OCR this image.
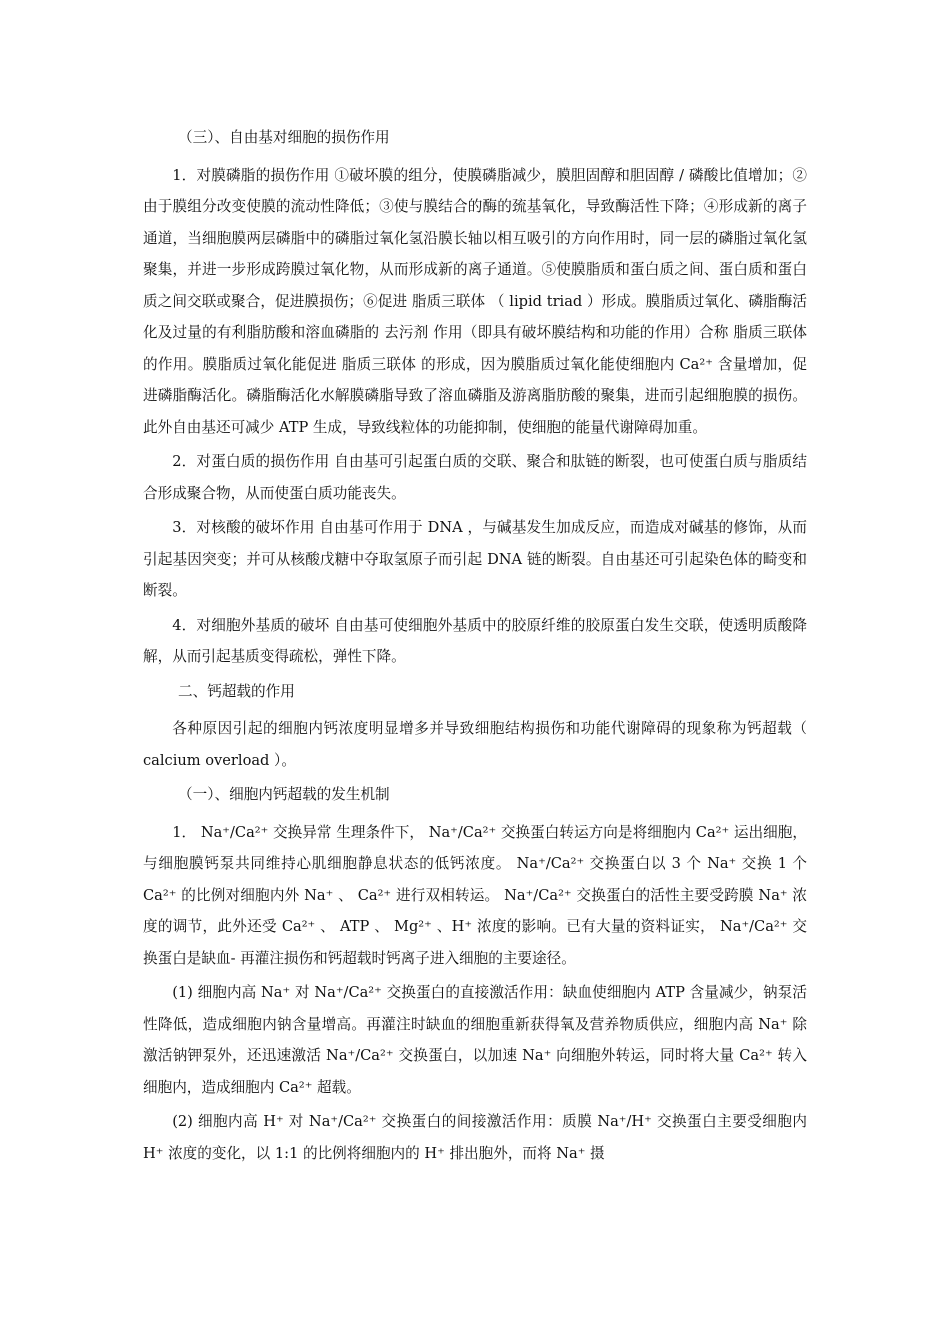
（三）、自由基对细胞的损伤作用

1．对膜磷脂的损伤作用 ①破坏膜的组分，使膜磷脂减少，膜胆固醇和胆固醇 / 磷酸比值增加；②由于膜组分改变使膜的流动性降低；③使与膜结合的酶的巯基氧化，导致酶活性下降；④形成新的离子通道，当细胞膜两层磷脂中的磷脂过氧化氢沿膜长轴以相互吸引的方向作用时，同一层的磷脂过氧化氢聚集，并进一步形成跨膜过氧化物，从而形成新的离子通道。⑤使膜脂质和蛋白质之间、蛋白质和蛋白质之间交联或聚合，促进膜损伤；⑥促进 脂质三联体 （ lipid triad ）形成。膜脂质过氧化、磷脂酶活化及过量的有利脂肪酸和溶血磷脂的 去污剂 作用（即具有破坏膜结构和功能的作用）合称 脂质三联体 的作用。膜脂质过氧化能促进 脂质三联体 的形成，因为膜脂质过氧化能使细胞内 Ca²⁺ 含量增加，促进磷脂酶活化。磷脂酶活化水解膜磷脂导致了溶血磷脂及游离脂肪酸的聚集，进而引起细胞膜的损伤。此外自由基还可减少 ATP 生成，导致线粒体的功能抑制，使细胞的能量代谢障碍加重。

2．对蛋白质的损伤作用 自由基可引起蛋白质的交联、聚合和肽链的断裂，也可使蛋白质与脂质结合形成聚合物，从而使蛋白质功能丧失。

3．对核酸的破坏作用 自由基可作用于 DNA ，与碱基发生加成反应，而造成对碱基的修饰，从而引起基因突变；并可从核酸戊糖中夺取氢原子而引起 DNA 链的断裂。自由基还可引起染色体的畸变和断裂。

4．对细胞外基质的破坏 自由基可使细胞外基质中的胶原纤维的胶原蛋白发生交联，使透明质酸降解，从而引起基质变得疏松，弹性下降。

二、钙超载的作用

各种原因引起的细胞内钙浓度明显增多并导致细胞结构损伤和功能代谢障碍的现象称为钙超载（ calcium overload ）。

（一）、细胞内钙超载的发生机制

1． Na⁺/Ca²⁺ 交换异常 生理条件下， Na⁺/Ca²⁺ 交换蛋白转运方向是将细胞内 Ca²⁺ 运出细胞，与细胞膜钙泵共同维持心肌细胞静息状态的低钙浓度。 Na⁺/Ca²⁺ 交换蛋白以 3 个 Na⁺ 交换 1 个 Ca²⁺ 的比例对细胞内外 Na⁺ 、 Ca²⁺ 进行双相转运。 Na⁺/Ca²⁺ 交换蛋白的活性主要受跨膜 Na⁺ 浓度的调节，此外还受 Ca²⁺ 、 ATP 、 Mg²⁺ 、H⁺ 浓度的影响。已有大量的资料证实， Na⁺/Ca²⁺ 交换蛋白是缺血- 再灌注损伤和钙超载时钙离子进入细胞的主要途径。

(1) 细胞内高 Na⁺ 对 Na⁺/Ca²⁺ 交换蛋白的直接激活作用：缺血使细胞内 ATP 含量减少，钠泵活性降低，造成细胞内钠含量增高。再灌注时缺血的细胞重新获得氧及营养物质供应，细胞内高 Na⁺ 除激活钠钾泵外，还迅速激活 Na⁺/Ca²⁺ 交换蛋白，以加速 Na⁺ 向细胞外转运，同时将大量 Ca²⁺ 转入细胞内，造成细胞内 Ca²⁺ 超载。

(2) 细胞内高 H⁺ 对 Na⁺/Ca²⁺ 交换蛋白的间接激活作用：质膜 Na⁺/H⁺ 交换蛋白主要受细胞内 H⁺ 浓度的变化，以 1:1 的比例将细胞内的 H⁺ 排出胞外，而将 Na⁺ 摄
